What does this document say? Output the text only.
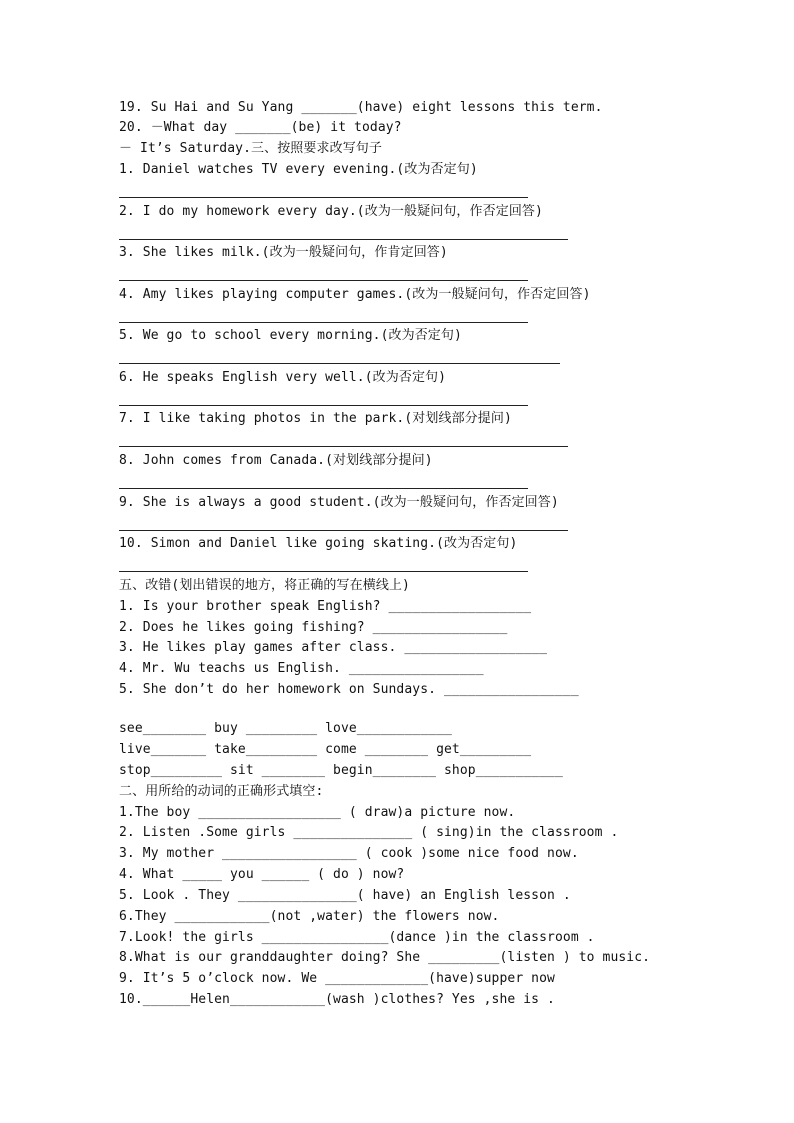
19. Su Hai and Su Yang _______(have) eight lessons this term.
20. －What day _______(be) it today?
－ It’s Saturday.三、按照要求改写句子
1. Daniel watches TV every evening.(改为否定句)
2. I do my homework every day.(改为一般疑问句，作否定回答)
3. She likes milk.(改为一般疑问句，作肯定回答)
4. Amy likes playing computer games.(改为一般疑问句，作否定回答)
5. We go to school every morning.(改为否定句)
6. He speaks English very well.(改为否定句)
7. I like taking photos in the park.(对划线部分提问)
8. John comes from Canada.(对划线部分提问)
9. She is always a good student.(改为一般疑问句，作否定回答)
10. Simon and Daniel like going skating.(改为否定句)
五、改错(划出错误的地方，将正确的写在横线上)
1. Is your brother speak English? __________________
2. Does he likes going fishing? _________________
3. He likes play games after class. __________________
4. Mr. Wu teachs us English. _________________
5. She don’t do her homework on Sundays. _________________
see________ buy _________ love____________
live_______ take_________ come ________ get_________
stop_________ sit ________ begin________ shop___________
二、用所给的动词的正确形式填空:
1.The boy __________________ ( draw)a picture now.
2. Listen .Some girls _______________ ( sing)in the classroom .
3. My mother _________________ ( cook )some nice food now.
4. What _____ you ______ ( do ) now?
5. Look . They _______________( have) an English lesson .
6.They ____________(not ,water) the flowers now.
7.Look! the girls ________________(dance )in the classroom .
8.What is our granddaughter doing? She _________(listen ) to music.
9. It’s 5 o’clock now. We _____________(have)supper now
10.______Helen____________(wash )clothes? Yes ,she is .
